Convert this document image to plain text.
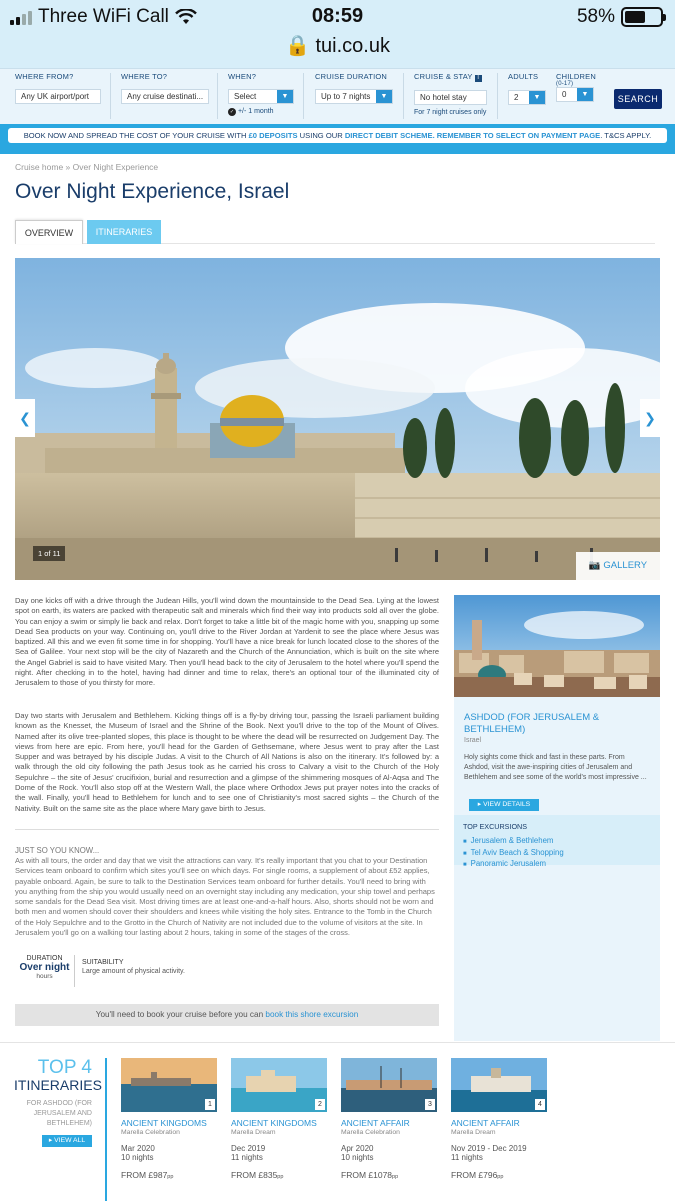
Three WiFi Call	08:59	58%
🔒 tui.co.uk
WHERE FROM?
Any UK airport/port
WHERE TO?
Any cruise destinati...
WHEN?
Select	▼
✓ +/- 1 month
CRUISE DURATION
Up to 7 nights	▼
CRUISE & STAY I
No hotel stay
For 7 night cruises only
ADULTS
2	▼
CHILDREN
(0-17)
0	▼	SEARCH
BOOK NOW AND SPREAD THE COST OF YOUR CRUISE WITH £0 DEPOSITS USING OUR DIRECT DEBIT SCHEME. REMEMBER TO SELECT ON PAYMENT PAGE. T&CS APPLY.
Cruise home » Over Night Experience
Over Night Experience, Israel
OVERVIEW	ITINERARIES
❮	❯
1 of 11
📷 GALLERY

Day one kicks off with a drive through the Judean Hills, you'll wind down the mountainside to the Dead Sea. Lying at the lowest spot on earth, its waters are packed with therapeutic salt and minerals which find their way into products sold all over the globe. You can enjoy a swim or simply lie back and relax. Don't forget to take a little bit of the magic home with you, snapping up some Dead Sea products on your way. Continuing on, you'll drive to the River Jordan at Yardenit to see the place where Jesus was baptized. All this and we even fit some time in for shopping. You'll have a nice break for lunch located close to the shores of the Sea of Galilee. Your next stop will be the city of Nazareth and the Church of the Annunciation, which is built on the site where the Angel Gabriel is said to have visited Mary. Then you'll head back to the city of Jerusalem to the hotel where you'll spend the night. After checking in to the hotel, having had dinner and time to relax, there's an optional tour of the illuminated city of Jerusalem to those of you thirsty for more.

Day two starts with Jerusalem and Bethlehem. Kicking things off is a fly-by driving tour, passing the Israeli parliament building known as the Knesset, the Museum of Israel and the Shrine of the Book. Next you'll drive to the top of the Mount of Olives. Named after its olive tree-planted slopes, this place is thought to be where the dead will be resurrected on Judgement Day. The views from here are epic. From here, you'll head for the Garden of Gethsemane, where Jesus went to pray after the Last Supper and was betrayed by his disciple Judas. A visit to the Church of All Nations is also on the itinerary. It's followed by: a walk through the old city following the path Jesus took as he carried his cross to Calvary a visit to the Church of the Holy Sepulchre – the site of Jesus' crucifixion, burial and resurrection and a glimpse of the shimmering mosques of Al-Aqsa and The Dome of the Rock. You'll also stop off at the Western Wall, the place where Orthodox Jews put prayer notes into the cracks of the wall. Finally, you'll head to Bethlehem for lunch and to see one of Christianity's most sacred sights – the Church of the Nativity. Built on the same site as the place where Mary gave birth to Jesus.

JUST SO YOU KNOW...

As with all tours, the order and day that we visit the attractions can vary. It's really important that you chat to your Destination Services team onboard to confirm which sites you'll see on which days. For single rooms, a supplement of about £52 applies, payable onboard. Again, be sure to talk to the Destination Services team onboard for further details. You'll need to bring with you anything from the ship you would usually need on an overnight stay including any medication, your ship towel and perhaps some sandals for the Dead Sea visit. Most driving times are at least one-and-a-half hours. Also, shorts should not be worn and both men and women should cover their shoulders and knees while visiting the holy sites. Entrance to the Tomb in the Church of the Holy Sepulchre and to the Grotto in the Church of Nativity are not included due to the volume of visitors at the site. In Jerusalem you'll go on a walking tour lasting about 2 hours, taking in some of the stages of the cross.

DURATION
Over night
hours
SUITABILITY
Large amount of physical activity.
You'll need to book your cruise before you can book this shore excursion
ASHDOD (FOR JERUSALEM & BETHLEHEM)
Israel
Holy sights come thick and fast in these parts. From Ashdod, visit the awe-inspiring cities of Jerusalem and Bethlehem and see some of the world's most impressive ...
▸ VIEW DETAILS
TOP EXCURSIONS
■ Jerusalem & Bethlehem
■ Tel Aviv Beach & Shopping
■ Panoramic Jerusalem
TOP 4
ITINERARIES
FOR ASHDOD (FOR JERUSALEM AND BETHLEHEM)
▸ VIEW ALL
1
ANCIENT KINGDOMS
Marella Celebration
Mar 2020
10 nights
FROM £987pp
2
ANCIENT KINGDOMS
Marella Dream
Dec 2019
11 nights
FROM £835pp
3
ANCIENT AFFAIR
Marella Celebration
Apr 2020
10 nights
FROM £1078pp
4
ANCIENT AFFAIR
Marella Dream
Nov 2019 - Dec 2019
11 nights
FROM £796pp
